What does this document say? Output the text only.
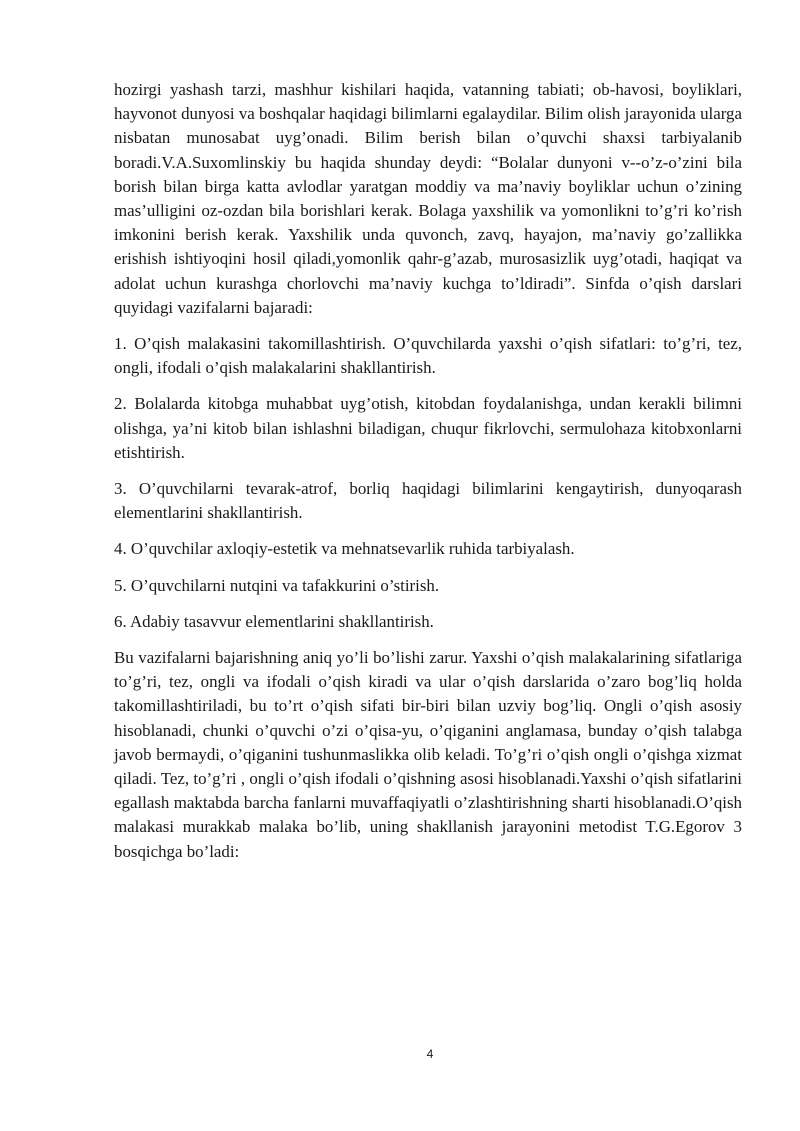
hozirgi yashash tarzi, mashhur kishilari haqida, vatanning tabiati; ob-havosi, boyliklari, hayvonot dunyosi va boshqalar haqidagi bilimlarni egalaydilar. Bilim olish jarayonida ularga nisbatan munosabat uyg’onadi. Bilim berish bilan o’quvchi shaxsi tarbiyalanib boradi.V.A.Suxomlinskiy bu haqida shunday deydi: “Bolalar dunyoni v--o’z-o’zini bila borish bilan birga katta avlodlar yaratgan moddiy va ma’naviy boyliklar uchun o’zining mas’ulligini oz-ozdan bila borishlari kerak. Bolaga yaxshilik va yomonlikni to’g’ri ko’rish imkonini berish kerak. Yaxshilik unda quvonch, zavq, hayajon, ma’naviy go’zallikka erishish ishtiyoqini hosil qiladi,yomonlik qahr-g’azab, murosasizlik uyg’otadi, haqiqat va adolat uchun kurashga chorlovchi ma’naviy kuchga to’ldiradi”. Sinfda o’qish darslari quyidagi vazifalarni bajaradi:

1. O’qish malakasini takomillashtirish. O’quvchilarda yaxshi o’qish sifatlari: to’g’ri, tez, ongli, ifodali o’qish malakalarini shakllantirish.

2. Bolalarda kitobga muhabbat uyg’otish, kitobdan foydalanishga, undan kerakli bilimni olishga, ya’ni kitob bilan ishlashni biladigan, chuqur fikrlovchi, sermulohaza kitobxonlarni etishtirish.

3. O’quvchilarni tevarak-atrof, borliq haqidagi bilimlarini kengaytirish, dunyoqarash elementlarini shakllantirish.

4. O’quvchilar axloqiy-estetik va mehnatsevarlik ruhida tarbiyalash.

5. O’quvchilarni nutqini va tafakkurini o’stirish.

6. Adabiy tasavvur elementlarini shakllantirish.

Bu vazifalarni bajarishning aniq yo’li bo’lishi zarur. Yaxshi o’qish malakalarining sifatlariga to’g’ri, tez, ongli va ifodali o’qish kiradi va ular o’qish darslarida o’zaro bog’liq holda takomillashtiriladi, bu to’rt o’qish sifati bir-biri bilan uzviy bog’liq. Ongli o’qish asosiy hisoblanadi, chunki o’quvchi o’zi o’qisa-yu, o’qiganini anglamasa, bunday o’qish talabga javob bermaydi, o’qiganini tushunmaslikka olib keladi. To’g’ri o’qish ongli o’qishga xizmat qiladi. Tez, to’g’ri , ongli o’qish ifodali o’qishning asosi hisoblanadi.Yaxshi o’qish sifatlarini egallash maktabda barcha fanlarni muvaffaqiyatli o’zlashtirishning sharti hisoblanadi.O’qish malakasi murakkab malaka bo’lib, uning shakllanish jarayonini metodist T.G.Egorov 3 bosqichga bo’ladi:

4
